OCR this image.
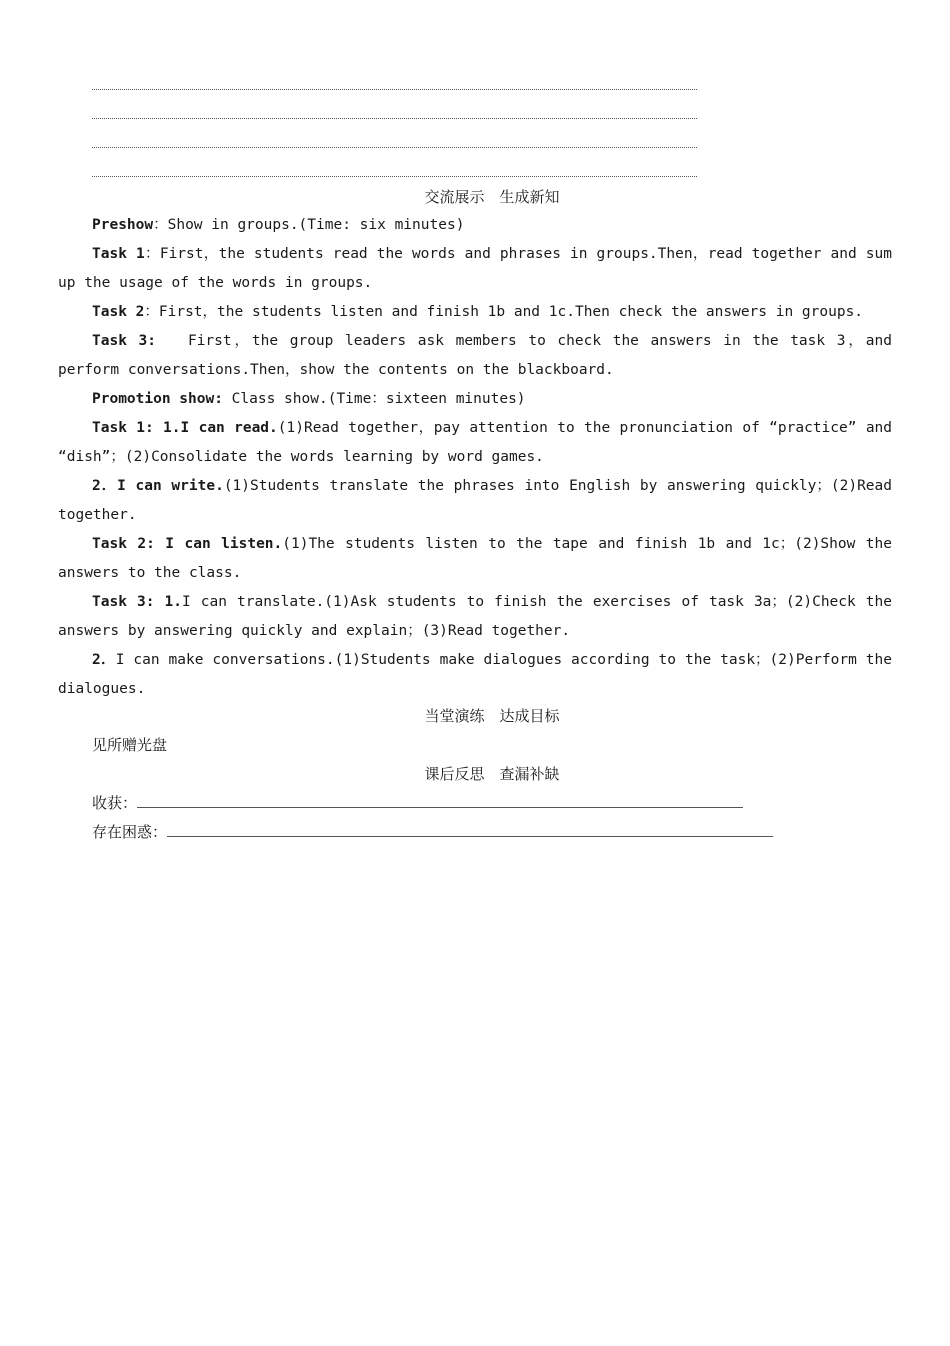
交流展示　生成新知
Preshow：Show in groups.(Time: six minutes)
Task 1：First，the students read the words and phrases in groups.Then，read together and sum up the usage of the words in groups.
Task 2：First，the students listen and finish 1b and 1c.Then check the answers in groups.
Task 3:　 First，the group leaders ask members to check the answers in the task 3，and perform conversations.Then，show the contents on the blackboard.
Promotion show: Class show.(Time：sixteen minutes)
Task 1: 1.I can read.(1)Read together，pay attention to the pronunciation of “practice” and “dish”；(2)Consolidate the words learning by word games.
2．I can write.(1)Students translate the phrases into English by answering quickly；(2)Read together.
Task 2: I can listen.(1)The students listen to the tape and finish 1b and 1c；(2)Show the answers to the class.
Task 3: 1.I can translate.(1)Ask students to finish the exercises of task 3a；(2)Check the answers by answering quickly and explain；(3)Read together.
2．I can make conversations.(1)Students make dialogues according to the task；(2)Perform the dialogues.
当堂演练　达成目标
见所赠光盘
课后反思　查漏补缺
收获：
存在困惑：
